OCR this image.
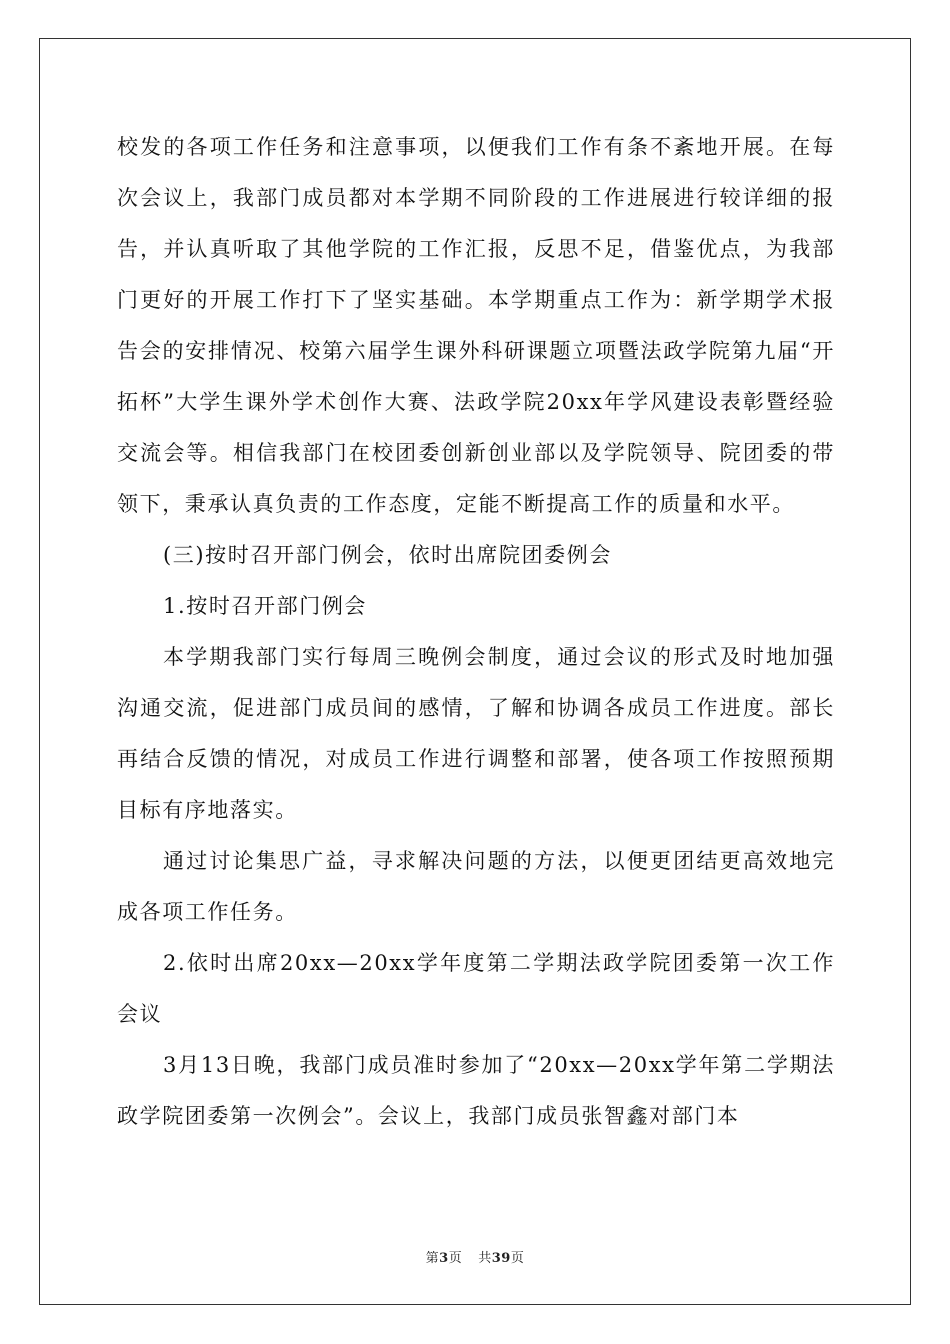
校发的各项工作任务和注意事项，以便我们工作有条不紊地开展。在每次会议上，我部门成员都对本学期不同阶段的工作进展进行较详细的报告，并认真听取了其他学院的工作汇报，反思不足，借鉴优点，为我部门更好的开展工作打下了坚实基础。本学期重点工作为：新学期学术报告会的安排情况、校第六届学生课外科研课题立项暨法政学院第九届“开拓杯”大学生课外学术创作大赛、法政学院20xx年学风建设表彰暨经验交流会等。相信我部门在校团委创新创业部以及学院领导、院团委的带领下，秉承认真负责的工作态度，定能不断提高工作的质量和水平。

(三)按时召开部门例会，依时出席院团委例会

1.按时召开部门例会

本学期我部门实行每周三晚例会制度，通过会议的形式及时地加强沟通交流，促进部门成员间的感情，了解和协调各成员工作进度。部长再结合反馈的情况，对成员工作进行调整和部署，使各项工作按照预期目标有序地落实。

通过讨论集思广益，寻求解决问题的方法，以便更团结更高效地完成各项工作任务。

2.依时出席20xx—20xx学年度第二学期法政学院团委第一次工作会议

3月13日晚，我部门成员准时参加了“20xx—20xx学年第二学期法政学院团委第一次例会”。会议上，我部门成员张智鑫对部门本

第3页 共39页
